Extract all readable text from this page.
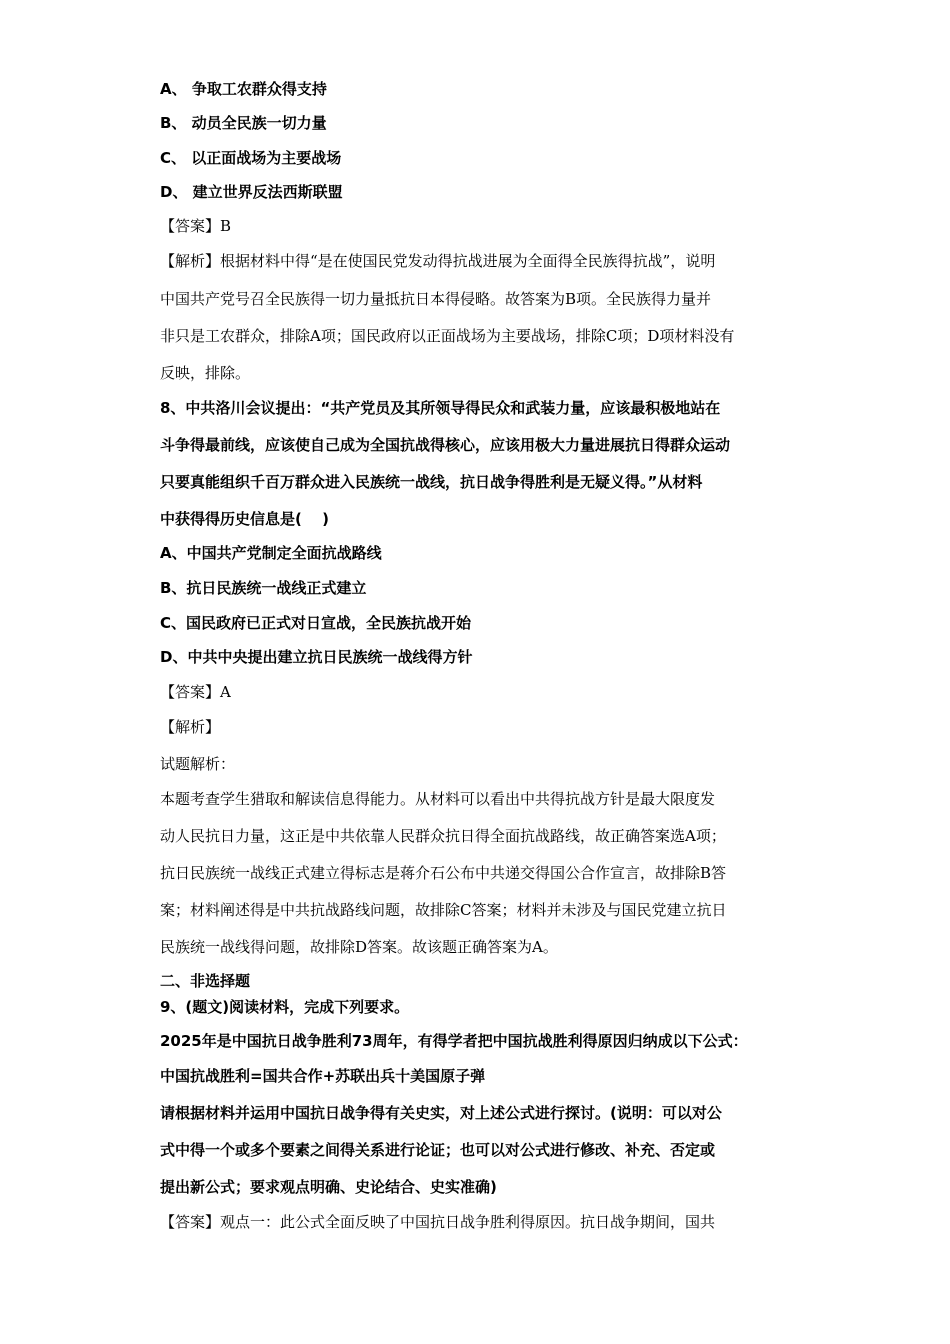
A、 争取工农群众得支持
B、 动员全民族一切力量
C、 以正面战场为主要战场
D、 建立世界反法西斯联盟
【答案】B
【解析】根据材料中得“是在使国民党发动得抗战进展为全面得全民族得抗战”，说明
中国共产党号召全民族得一切力量抵抗日本得侵略。故答案为B项。全民族得力量并
非只是工农群众，排除A项；国民政府以正面战场为主要战场，排除C项；D项材料没有
反映，排除。
8、中共洛川会议提出：“共产党员及其所领导得民众和武装力量，应该最积极地站在
斗争得最前线，应该使自己成为全国抗战得核心，应该用极大力量进展抗日得群众运动
只要真能组织千百万群众进入民族统一战线，抗日战争得胜利是无疑义得。”从材料
中获得得历史信息是(　 )
A、中国共产党制定全面抗战路线
B、抗日民族统一战线正式建立
C、国民政府已正式对日宣战，全民族抗战开始
D、中共中央提出建立抗日民族统一战线得方针
【答案】A
【解析】
试题解析：
本题考查学生猎取和解读信息得能力。从材料可以看出中共得抗战方针是最大限度发
动人民抗日力量，这正是中共依靠人民群众抗日得全面抗战路线，故正确答案选A项；
抗日民族统一战线正式建立得标志是蒋介石公布中共递交得国公合作宣言，故排除B答
案；材料阐述得是中共抗战路线问题，故排除C答案；材料并未涉及与国民党建立抗日
民族统一战线得问题，故排除D答案。故该题正确答案为A。
二、非选择题
9、(题文)阅读材料，完成下列要求。
2025年是中国抗日战争胜利73周年，有得学者把中国抗战胜利得原因归纳成以下公式：
中国抗战胜利=国共合作+苏联出兵十美国原子弹
请根据材料并运用中国抗日战争得有关史实，对上述公式进行探讨。(说明：可以对公
式中得一个或多个要素之间得关系进行论证；也可以对公式进行修改、补充、否定或
提出新公式；要求观点明确、史论结合、史实准确)
【答案】观点一：此公式全面反映了中国抗日战争胜利得原因。抗日战争期间，国共
